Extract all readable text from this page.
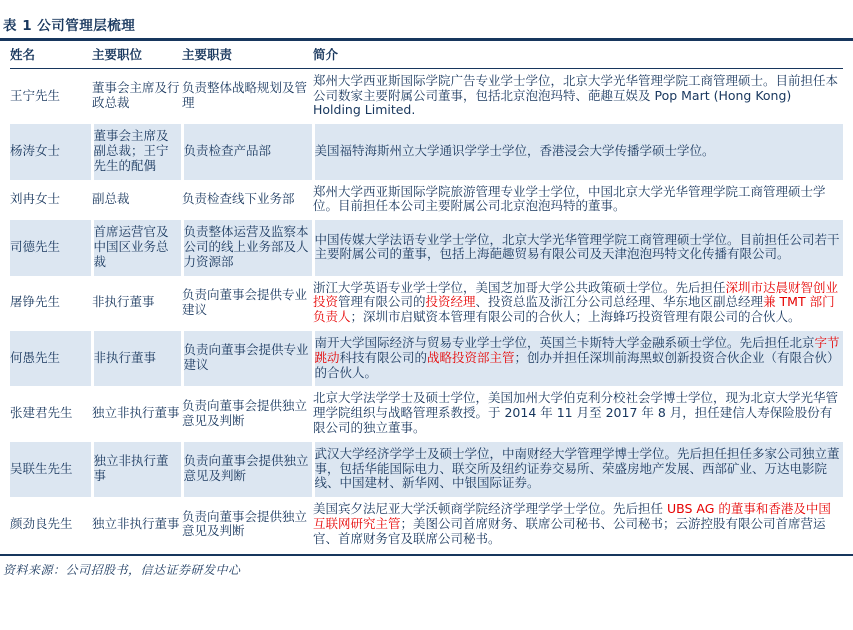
表 1 公司管理层梳理
姓名	主要职位	主要职责	简介
王宁先生	董事会主席及行政总裁	负责整体战略规划及管理	郑州大学西亚斯国际学院广告专业学士学位，北京大学光华管理学院工商管理硕士。目前担任本公司数家主要附属公司董事，包括北京泡泡玛特、葩趣互娱及 Pop Mart (Hong Kong) Holding Limited.
杨涛女士	董事会主席及副总裁；王宁先生的配偶	负责检查产品部	美国福特海斯州立大学通识学学士学位，香港浸会大学传播学硕士学位。
刘冉女士	副总裁	负责检查线下业务部	郑州大学西亚斯国际学院旅游管理专业学士学位，中国北京大学光华管理学院工商管理硕士学位。目前担任本公司主要附属公司北京泡泡玛特的董事。
司德先生	首席运营官及中国区业务总裁	负责整体运营及监察本公司的线上业务部及人力资源部	中国传媒大学法语专业学士学位，北京大学光华管理学院工商管理硕士学位。目前担任公司若干主要附属公司的董事，包括上海葩趣贸易有限公司及天津泡泡玛特文化传播有限公司。
屠铮先生	非执行董事	负责向董事会提供专业建议	浙江大学英语专业学士学位，美国芝加哥大学公共政策硕士学位。先后担任深圳市达晨财智创业投资管理有限公司的投资经理、投资总监及浙江分公司总经理、华东地区副总经理兼 TMT 部门负责人；深圳市启赋资本管理有限公司的合伙人；上海蜂巧投资管理有限公司的合伙人。
何愚先生	非执行董事	负责向董事会提供专业建议	南开大学国际经济与贸易专业学士学位，英国兰卡斯特大学金融系硕士学位。先后担任北京字节跳动科技有限公司的战略投资部主管；创办并担任深圳前海黑蚁创新投资合伙企业（有限合伙）的合伙人。
张建君先生	独立非执行董事	负责向董事会提供独立意见及判断	北京大学法学学士及硕士学位，美国加州大学伯克利分校社会学博士学位，现为北京大学光华管理学院组织与战略管理系教授。于 2014 年 11 月至 2017 年 8 月，担任建信人寿保险股份有限公司的独立董事。
吴联生先生	独立非执行董事	负责向董事会提供独立意见及判断	武汉大学经济学学士及硕士学位，中南财经大学管理学博士学位。先后担任担任多家公司独立董事，包括华能国际电力、联交所及纽约证券交易所、荣盛房地产发展、西部矿业、万达电影院线、中国建材、新华网、中银国际证券。
颜劲良先生	独立非执行董事	负责向董事会提供独立意见及判断	美国宾夕法尼亚大学沃顿商学院经济学理学学士学位。先后担任 UBS AG 的董事和香港及中国互联网研究主管；美图公司首席财务、联席公司秘书、公司秘书；云游控股有限公司首席营运官、首席财务官及联席公司秘书。
资料来源：公司招股书，信达证券研发中心
